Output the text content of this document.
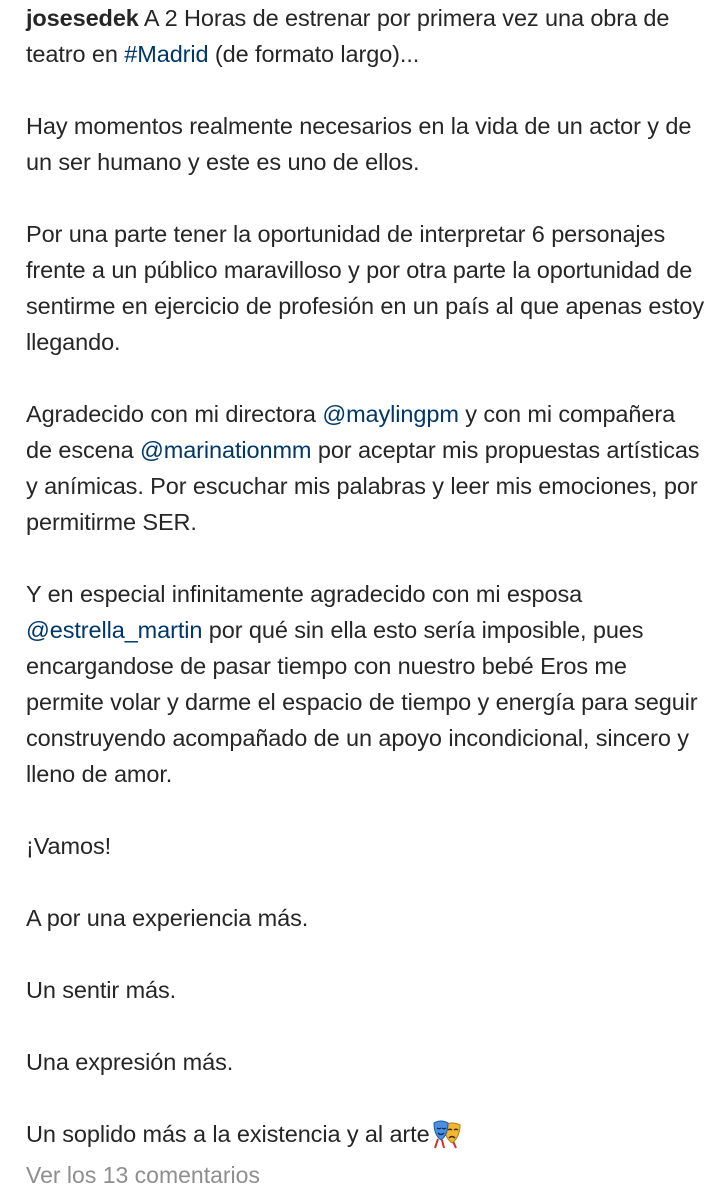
josesedek A 2 Horas de estrenar por primera vez una obra de teatro en #Madrid (de formato largo)...

Hay momentos realmente necesarios en la vida de un actor y de un ser humano y este es uno de ellos.

Por una parte tener la oportunidad de interpretar 6 personajes frente a un público maravilloso y por otra parte la oportunidad de sentirme en ejercicio de profesión en un país al que apenas estoy llegando.

Agradecido con mi directora @maylingpm y con mi compañera de escena @marinationmm por aceptar mis propuestas artísticas y anímicas. Por escuchar mis palabras y leer mis emociones, por permitirme SER.

Y en especial infinitamente agradecido con mi esposa @estrella_martin por qué sin ella esto sería imposible, pues encargandose de pasar tiempo con nuestro bebé Eros me permite volar y darme el espacio de tiempo y energía para seguir construyendo acompañado de un apoyo incondicional, sincero y lleno de amor.

¡Vamos!

A por una experiencia más.

Un sentir más.

Una expresión más.

Un soplido más a la existencia y al arte

Ver los 13 comentarios
